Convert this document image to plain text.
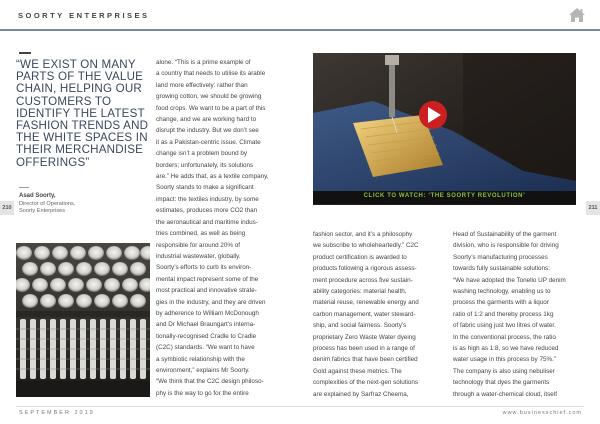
SOORTY ENTERPRISES
210	211
“WE EXIST ON MANY PARTS OF THE VALUE CHAIN, HELPING OUR CUSTOMERS TO IDENTIFY THE LATEST FASHION TRENDS AND THE WHITE SPACES IN THEIR MERCHANDISE OFFERINGS”
Asad Soorty,
Director of Operations,
Soorty Enterprises

alone. “This is a prime example of

a country that needs to utilise its arable

land more effectively: rather than

growing cotton, we should be growing

food crops. We want to be a part of this

change, and we are working hard to

disrupt the industry. But we don’t see

it as a Pakistan-centric issue. Climate

change isn’t a problem bound by

borders; unfortunately, its solutions

are.” He adds that, as a textile company,

Soorty stands to make a significant

impact: the textiles industry, by some

estimates, produces more CO2 than

the aeronautical and maritime indus-

tries combined, as well as being

responsible for around 20% of

industrial wastewater, globally.

Soorty’s efforts to curb its environ-

mental impact represent some of the

most practical and innovative strate-

gies in the industry, and they are driven

by adherence to William McDonough

and Dr Michael Braungart’s interna-

tionally-recognised Cradle to Cradle

(C2C) standards. “We want to have

a symbiotic relationship with the

environment,” explains Mr Soorty.

“We think that the C2C design philoso-

phy is the way to go for the entire

CLICK TO WATCH: ‘THE SOORTY REVOLUTION’

fashion sector, and it’s a philosophy

we subscribe to wholeheartedly.” C2C

product certification is awarded to

products following a rigorous assess-

ment procedure across five sustain-

ability categories: material health,

material reuse, renewable energy and

carbon management, water steward-

ship, and social fairness. Soorty’s

proprietary Zero Waste Water dyeing

process has been used in a range of

denim fabrics that have been certified

Gold against these metrics. The

complexities of the next-gen solutions

are explained by Sarfraz Cheema,

Head of Sustainability of the garment

division, who is responsible for driving

Soorty’s manufacturing processes

towards fully sustainable solutions:

“We have adopted the Tonello UP denim

washing technology, enabling us to

process the garments with a liquor

ratio of 1:2 and thereby process 1kg

of fabric using just two litres of water.

In the conventional process, the ratio

is as high as 1:8, so we have reduced

water usage in this process by 75%.”

The company is also using nebuliser

technology that dyes the garments

through a water-chemical cloud, itself

SEPTEMBER 2019	www.businesschief.com
